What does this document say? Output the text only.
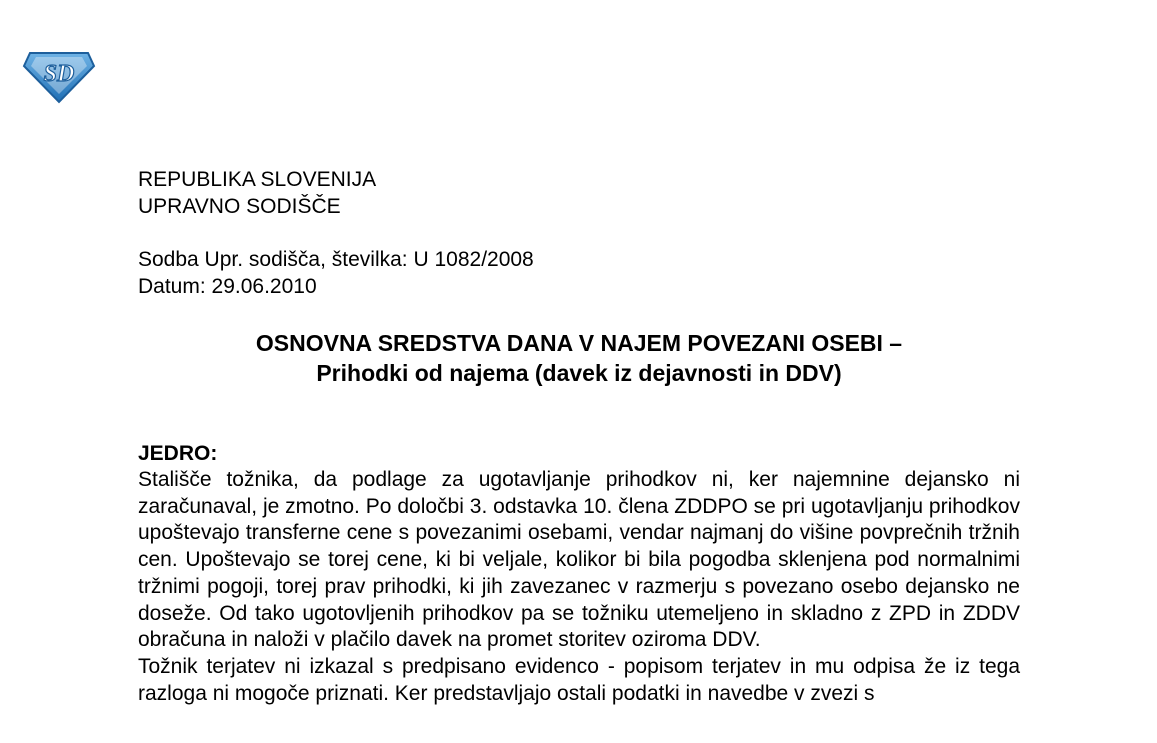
SD
REPUBLIKA SLOVENIJA
UPRAVNO SODIŠČE
Sodba Upr. sodišča, številka: U 1082/2008
Datum: 29.06.2010
OSNOVNA SREDSTVA DANA V NAJEM POVEZANI OSEBI –
Prihodki od najema (davek iz dejavnosti in DDV)
JEDRO:

Stališče tožnika, da podlage za ugotavljanje prihodkov ni, ker najemnine dejansko ni zaračunaval, je zmotno. Po določbi 3. odstavka 10. člena ZDDPO se pri ugotavljanju prihodkov upoštevajo transferne cene s povezanimi osebami, vendar najmanj do višine povprečnih tržnih cen. Upoštevajo se torej cene, ki bi veljale, kolikor bi bila pogodba sklenjena pod normalnimi tržnimi pogoji, torej prav prihodki, ki jih zavezanec v razmerju s povezano osebo dejansko ne doseže. Od tako ugotovljenih prihodkov pa se tožniku utemeljeno in skladno z ZPD in ZDDV obračuna in naloži v plačilo davek na promet storitev oziroma DDV.

Tožnik terjatev ni izkazal s predpisano evidenco - popisom terjatev in mu odpisa že iz tega razloga ni mogoče priznati. Ker predstavljajo ostali podatki in navedbe v zvezi s
